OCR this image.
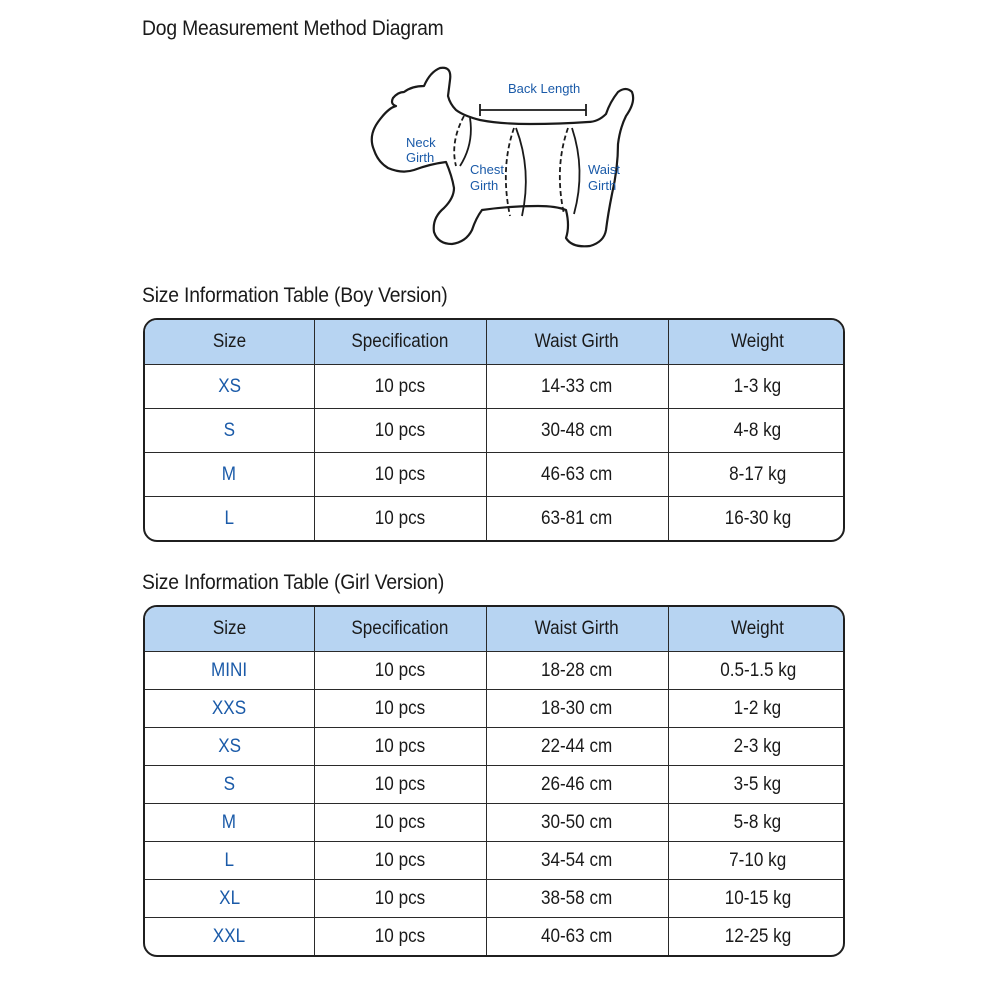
Dog Measurement Method Diagram
Back Length
Neck
Girth
Chest
Girth
Waist
Girth
Size Information Table (Boy Version)
Size	Specification	Waist Girth	Weight
XS	10 pcs	14-33 cm	1-3 kg
S	10 pcs	30-48 cm	4-8 kg
M	10 pcs	46-63 cm	8-17 kg
L	10 pcs	63-81 cm	16-30 kg
Size Information Table (Girl Version)
Size	Specification	Waist Girth	Weight
MINI	10 pcs	18-28 cm	0.5-1.5 kg
XXS	10 pcs	18-30 cm	1-2 kg
XS	10 pcs	22-44 cm	2-3 kg
S	10 pcs	26-46 cm	3-5 kg
M	10 pcs	30-50 cm	5-8 kg
L	10 pcs	34-54 cm	7-10 kg
XL	10 pcs	38-58 cm	10-15 kg
XXL	10 pcs	40-63 cm	12-25 kg
